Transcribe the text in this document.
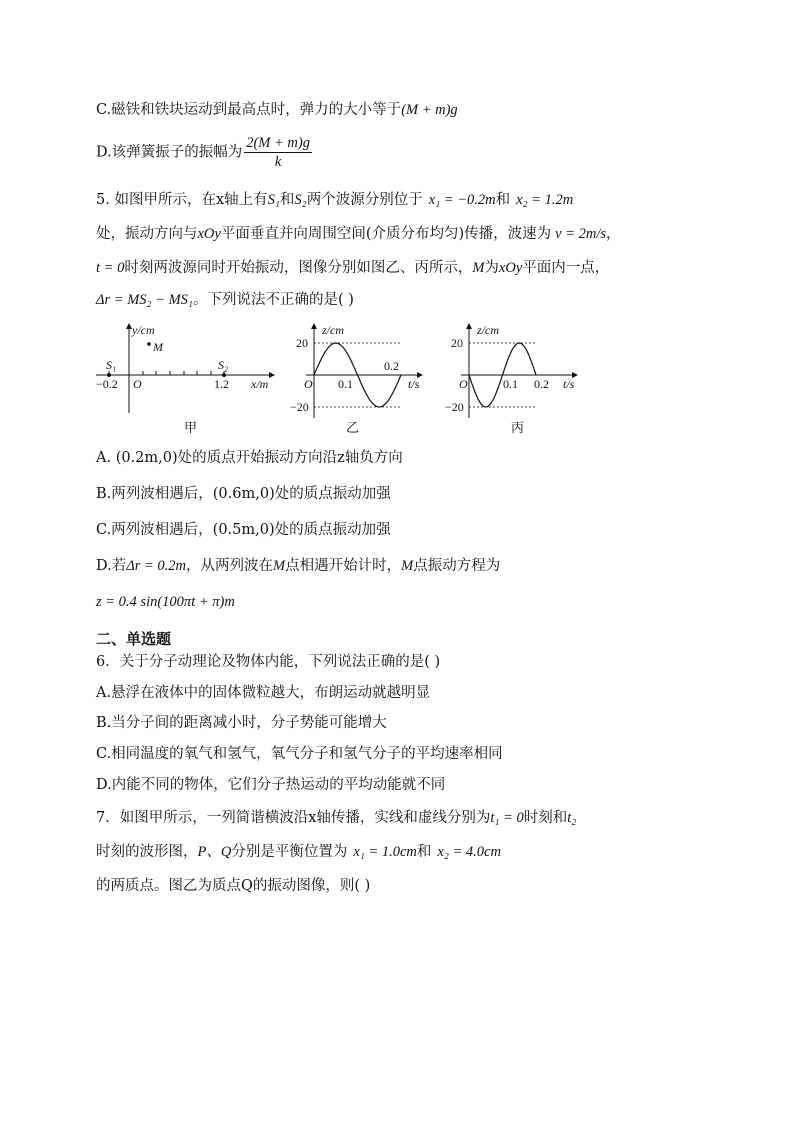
C.磁铁和铁块运动到最高点时，弹力的大小等于(M + m)g
D.该弹簧振子的振幅为 $\frac{2(M + m)g}{k}$
5. 如图甲所示，在x轴上有S₁和S₂两个波源分别位于 x₁ = −0.2m和 x₂ = 1.2m
处，振动方向与xOy平面垂直并向周围空间(介质分布均匀)传播，波速为 v = 2m/s，
t = 0时刻两波源同时开始振动，图像分别如图乙、丙所示，M为xOy平面内一点，
Δr = MS₂ − MS₁。下列说法不正确的是( )
y/cm
x/m
M
S₁	S₂
O
−0.2	1.2
甲
z/cm
t/s
O
20
−20
0.1
0.2
乙
z/cm
t/s
O
20
−20
0.1 0.2
丙
A. (0.2m,0)处的质点开始振动方向沿z轴负方向
B.两列波相遇后，(0.6m,0)处的质点振动加强
C.两列波相遇后，(0.5m,0)处的质点振动加强
D.若Δr = 0.2m，从两列波在M点相遇开始计时，M点振动方程为
z = 0.4 sin(100πt + π)m
二、单选题
6．关于分子动理论及物体内能，下列说法正确的是( )
A.悬浮在液体中的固体微粒越大，布朗运动就越明显
B.当分子间的距离减小时，分子势能可能增大
C.相同温度的氧气和氢气，氧气分子和氢气分子的平均速率相同
D.内能不同的物体，它们分子热运动的平均动能就不同
7．如图甲所示，一列简谐横波沿x轴传播，实线和虚线分别为t₁ = 0时刻和t₂
时刻的波形图，P、Q分别是平衡位置为 x₁ = 1.0cm和 x₂ = 4.0cm
的两质点。图乙为质点Q的振动图像，则( )
